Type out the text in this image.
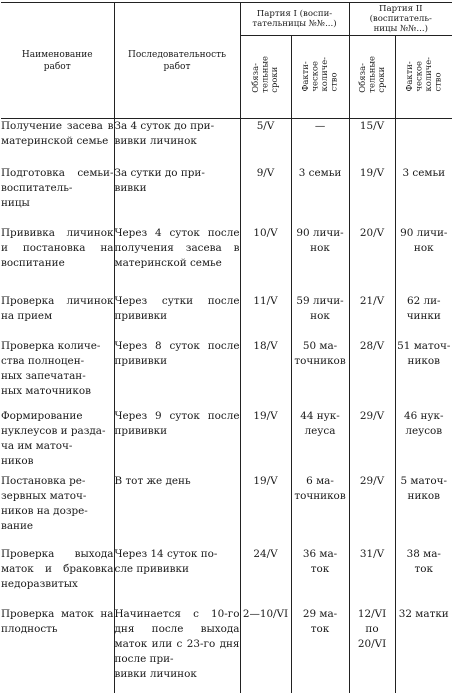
Наименование
работ	Последовательность
работ	Партия I (воспи-
тательницы №№...)		Партия II
(воспитатель-
ницы №№...)	
		Обяза-
тельные
сроки	Факти-
ческое
количе-
ство	Обяза-
тельные
сроки	Факти-
ческое
количе-
ство
Получение засева в материнской семье	За 4 суток до при-
вивки личинок	5/V	—	15/V	
Подготовка семьи-воспитатель-
ницы	За сутки до при-
вивки	9/V	3 семьи	19/V	3 семьи
Прививка личинок и постановка на воспитание	Через 4 суток после получения засева в материнской семье	10/V	90 личи-
нок	20/V	90 личи-
нок
Проверка личинок на прием	Через сутки после прививки	11/V	59 личи-
нок	21/V	62 ли-
чинки
Проверка количе-
ства полноцен-
ных запечатан-
ных маточников	Через 8 суток после прививки	18/V	50 ма-
точников	28/V	51 маточ-
ников
Формирование нуклеусов и разда-
ча им маточ-
ников	Через 9 суток после прививки	19/V	44 нук-
леуса	29/V	46 нук-
леусов
Постановка ре-
зервных маточ-
ников на дозре-
вание	В тот же день	19/V	6 ма-
точников	29/V	5 маточ-
ников
Проверка выхода маток и браковка недоразвитых	Через 14 суток по-
сле прививки	24/V	36 ма-
ток	31/V	38 ма-
ток
Проверка маток на плодность	Начинается с 10-го дня после выхода маток или с 23-го дня после при-
вивки личинок	2—10/VI	29 ма-
ток	12/VI
по
20/VI	32 матки
